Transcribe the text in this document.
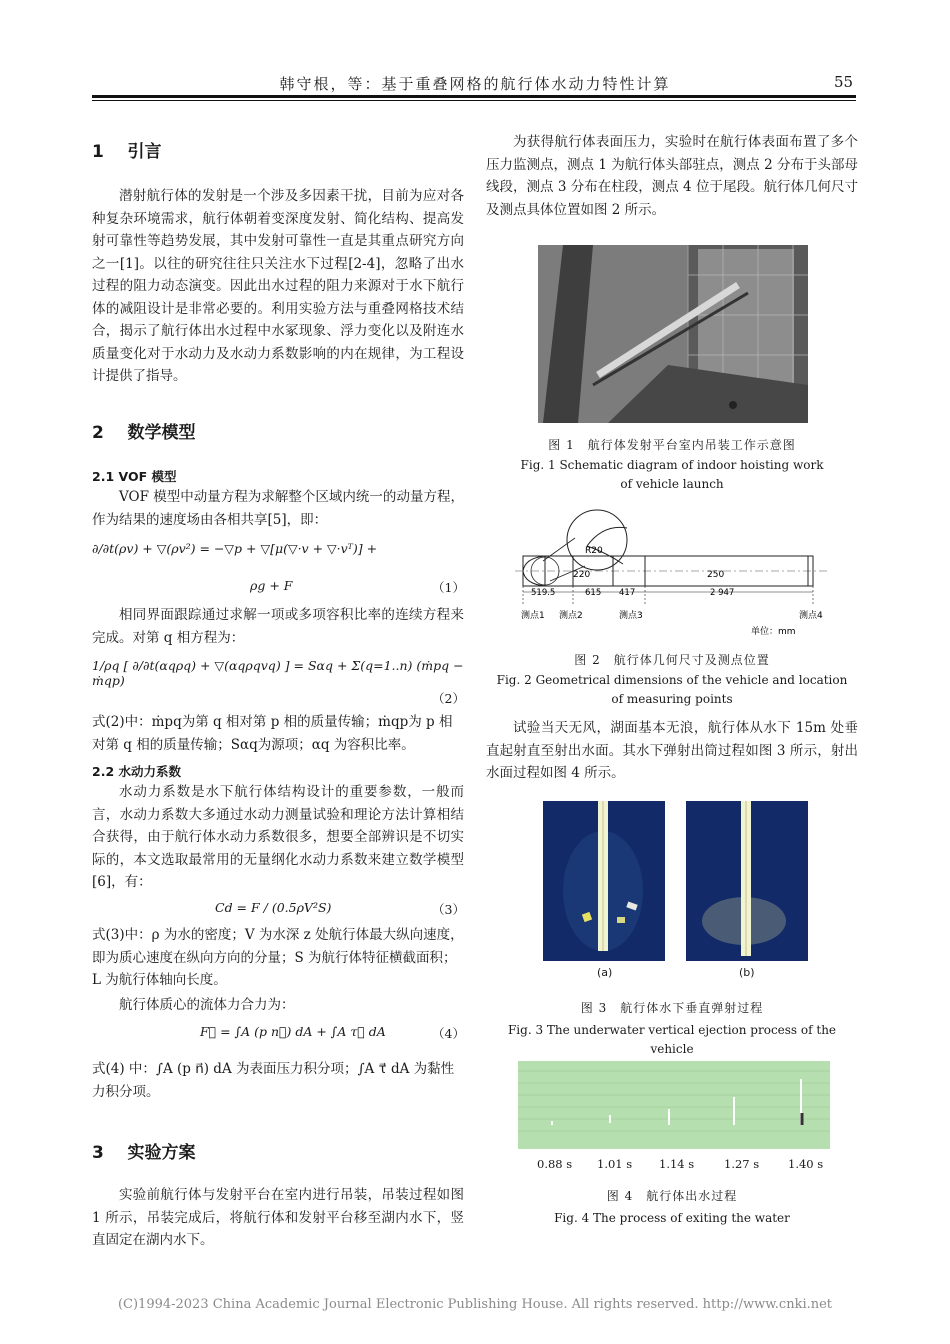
韩守根，等：基于重叠网格的航行体水动力特性计算	55
1 引言

潜射航行体的发射是一个涉及多因素干扰，目前为应对各种复杂环境需求，航行体朝着变深度发射、简化结构、提高发射可靠性等趋势发展，其中发射可靠性一直是其重点研究方向之一[1]。以往的研究往往只关注水下过程[2-4]，忽略了出水过程的阻力动态演变。因此出水过程的阻力来源对于水下航行体的减阻设计是非常必要的。利用实验方法与重叠网格技术结合，揭示了航行体出水过程中水冢现象、浮力变化以及附连水质量变化对于水动力及水动力系数影响的内在规律，为工程设计提供了指导。

2 数学模型
2.1 VOF 模型

VOF 模型中动量方程为求解整个区域内统一的动量方程，作为结果的速度场由各相共享[5]，即：

∂/∂t(ρv) + ▽(ρv²) = −▽p + ▽[μ(▽·v + ▽·vᵀ)] +
ρg + F	（1）

相同界面跟踪通过求解一项或多项容积比率的连续方程来完成。对第 q 相方程为：

1/ρq [ ∂/∂t(αqρq) + ▽(αqρqvq) ] = Sαq + Σ(q=1..n) (ṁpq − ṁqp)
（2）

式(2)中：ṁpq为第 q 相对第 p 相的质量传输；ṁqp为 p 相对第 q 相的质量传输；Sαq为源项；αq 为容积比率。

2.2 水动力系数

水动力系数是水下航行体结构设计的重要参数，一般而言，水动力系数大多通过水动力测量试验和理论方法计算相结合获得，由于航行体水动力系数很多，想要全部辨识是不切实际的，本文选取最常用的无量纲化水动力系数来建立数学模型[6]，有：

Cd = F / (0.5ρV²S)	（3）

式(3)中：ρ 为水的密度；V 为水深 z 处航行体最大纵向速度，即为质心速度在纵向方向的分量；S 为航行体特征横截面积；L 为航行体轴向长度。

航行体质心的流体力合力为：

F⃗ = ∫A (p n⃗) dA + ∫A τ⃗ dA	（4）

式(4) 中：∫A (p n⃗) dA 为表面压力积分项；∫A τ⃗ dA 为黏性力积分项。

3 实验方案

实验前航行体与发射平台在室内进行吊装，吊装过程如图 1 所示，吊装完成后，将航行体和发射平台移至湖内水下，竖直固定在湖内水下。

为获得航行体表面压力，实验时在航行体表面布置了多个压力监测点，测点 1 为航行体头部驻点，测点 2 分布于头部母线段，测点 3 分布在柱段，测点 4 位于尾段。航行体几何尺寸及测点具体位置如图 2 所示。

图 1　航行体发射平台室内吊装工作示意图
Fig. 1 Schematic diagram of indoor hoisting work
of vehicle launch
R20
220	250
519.5	615 417	2 947
测点1 测点2	测点3	测点4
单位：mm
图 2　航行体几何尺寸及测点位置
Fig. 2 Geometrical dimensions of the vehicle and location
of measuring points

试验当天无风，湖面基本无浪，航行体从水下 15m 处垂直起射直至射出水面。其水下弹射出筒过程如图 3 所示，射出水面过程如图 4 所示。

(a)	(b)
图 3　航行体水下垂直弹射过程
Fig. 3 The underwater vertical ejection process of the vehicle
0.88 s 1.01 s 1.14 s	1.27 s	1.40 s
图 4　航行体出水过程
Fig. 4 The process of exiting the water
(C)1994-2023 China Academic Journal Electronic Publishing House. All rights reserved. http://www.cnki.net
